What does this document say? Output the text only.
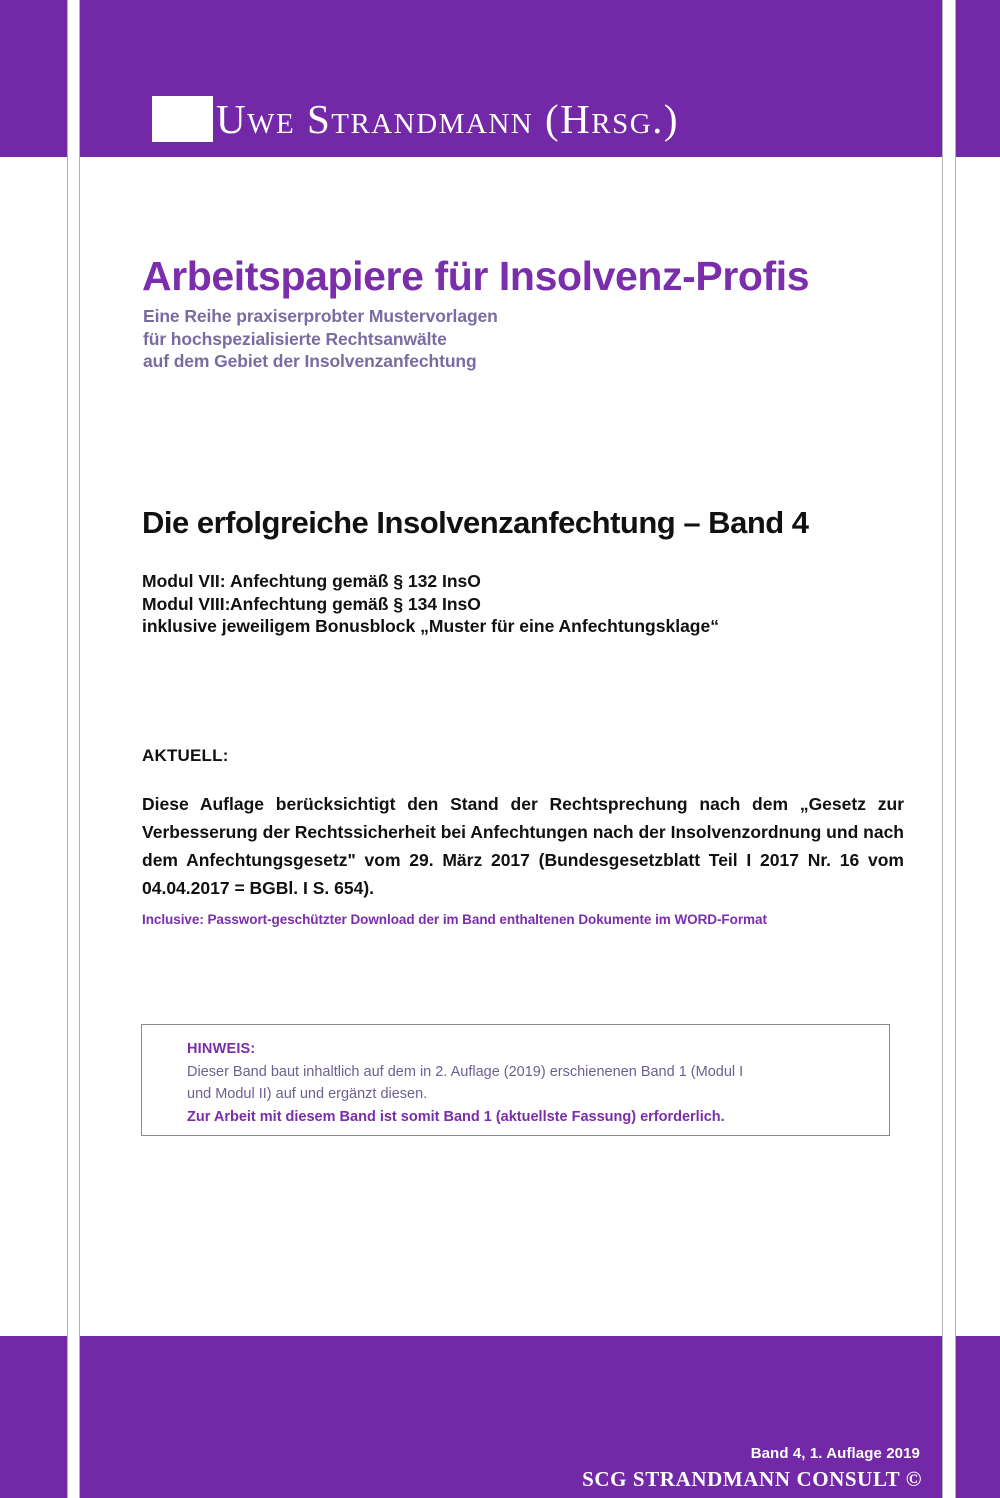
Uwe Strandmann (Hrsg.)
Arbeitspapiere für Insolvenz-Profis
Eine Reihe praxiserprobter Mustervorlagen
für hochspezialisierte Rechtsanwälte
auf dem Gebiet der Insolvenzanfechtung
Die erfolgreiche Insolvenzanfechtung – Band 4
Modul VII: Anfechtung gemäß § 132 InsO
Modul VIII:Anfechtung gemäß § 134 InsO
inklusive jeweiligem Bonusblock „Muster für eine Anfechtungsklage“
AKTUELL:
Diese Auflage berücksichtigt den Stand der Rechtsprechung nach dem „Gesetz zur Verbesserung der Rechtssicherheit bei Anfechtungen nach der Insolvenzordnung und nach dem Anfechtungsgesetz" vom 29. März 2017 (Bundesgesetzblatt Teil I 2017 Nr. 16 vom 04.04.2017 = BGBl. I S. 654).
Inclusive: Passwort-geschützter Download der im Band enthaltenen Dokumente im WORD-Format
HINWEIS:
Dieser Band baut inhaltlich auf dem in 2. Auflage (2019) erschienenen Band 1 (Modul I
und Modul II) auf und ergänzt diesen.
Zur Arbeit mit diesem Band ist somit Band 1 (aktuellste Fassung) erforderlich.
Band 4, 1. Auflage 2019
SCG STRANDMANN CONSULT ©
